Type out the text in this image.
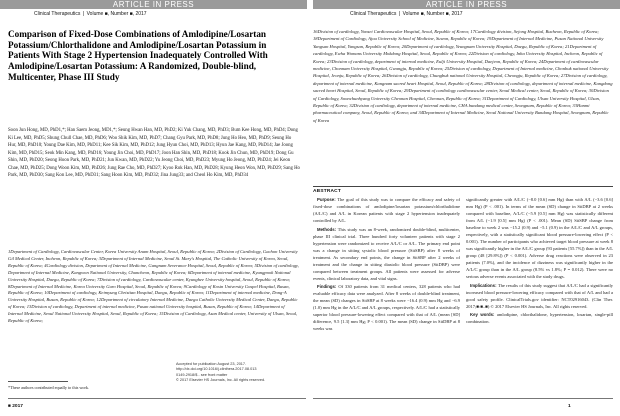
ARTICLE IN PRESS	ARTICLE IN PRESS
Clinical Therapeutics | Volume ■, Number ■, 2017	Clinical Therapeutics | Volume ■, Number ■, 2017
Comparison of Fixed-Dose Combinations of Amlodipine/Losartan Potassium/Chlorthalidone and Amlodipine/Losartan Potassium in Patients With Stage 2 Hypertension Inadequately Controlled With Amlodipine/Losartan Potassium: A Randomized, Double-blind, Multicenter, Phase III Study
Soon Jun Hong, MD, PhD1,*; Han Saem Jeong, MD1,*; Seung Hwan Han, MD, PhD2; Ki Yuk Chang, MD, PhD3; Bum Kee Hong, MD, PhD4; Dong Ki Lee, MD, PhD5; Shung Chull Chae, MD, PhD6; Woo Shik Kim, MD, PhD7; Chang Gyu Park, MD, PhD8; Jung Ho Heo, MD, PhD9; Seung Ho Hur, MD, PhD10; Young Dae Kim, MD, PhD11; Kee Sik Kim, MD, PhD12; Jung Hyun Choi, MD, PhD13; Hyun Jae Kang, MD, PhD14; Jae Joong Kim, MD, PhD15; Seok Min Kang, MD, PhD16; Young Jin Choi, MD, PhD17; Joon Han Shin, MD, PhD18; Kook Jin Chun, MD, PhD19; Dong Gu Shin, MD, PhD20; Seong Hoon Park, MD, PhD21; Jun Kwan, MD, PhD22; Yu Jeong Choi, MD, PhD23; Myung Ho Jeong, MD, PhD24; Jei Keon Chae, MD, PhD25; Dong Woon Kim, MD, PhD26; Jung Rae Cho, MD, PhD27; Kyoo Rok Han, MD, PhD28; Kyung Heon Won, MD, PhD29; Sang Ho Park, MD, PhD30; Sang Kon Lee, MD, PhD31; Sang Hoon Kim, MD, PhD32; Jina Jung33; and Cheol Ho Kim, MD, PhD34
1Department of Cardiology, Cardiovascular Center, Korea University Anam Hospital, Seoul, Republic of Korea; 2Division of Cardiology, Gachon University Gil Medical Center, Incheon, Republic of Korea; 3Department of Internal Medicine, Seoul St. Mary's Hospital, The Catholic University of Korea, Seoul, Republic of Korea; 4Cardiology division, Department of Internal Medicine, Gangnam Severance Hospital, Seoul, Republic of Korea; 5Division of cardiology, Department of Internal Medicine, Kangwon National University, Chuncheon, Republic of Korea; 6Department of internal medicine, Kyungpook National University Hospital, Daegu, Republic of Korea; 7Division of cardiology, Cardiovascular center, Kyunghee University hospital, Seoul, Republic of Korea; 8Department of Internal Medicine, Korea University Guro Hospital, Seoul, Republic of Korea; 9Cardiology of Kosin University Gospel Hospital, Busan, Republic of Korea; 10Department of cardiology, Keimyung Christian Hospital, Daegu, Republic of Korea; 11Department of internal medicine, Dong-A University Hospital, Busan, Republic of Korea; 12Department of circulatory Internal Medicine, Daegu Catholic University Medical Center, Daegu, Republic of Korea; 13Division of cardiology, Department of internal medicine, Pusan national University hospital, Busan, Republic of Korea; 14Department of Internal Medicine, Seoul National University Hospital, Seoul, Republic of Korea; 15Division of Cardiology, Asan Medical center, University of Ulsan, Seoul, Republic of Korea;
Accepted for publication August 23, 2017.
http://dx.doi.org/10.1016/j.clinthera.2017.08.013
0149-2918/$ - see front matter
© 2017 Elsevier HS Journals, Inc. All rights reserved.
*These authors contributed equally to this work.
16Division of cardiology, Yonsei Cardiovascular Hospital, Seoul, Republic of Korea; 17Cardiology division, Sejong Hospital, Bucheon, Republic of Korea; 18Department of Cardiology, Ajou University School of Medicine, Suwon, Republic of Korea; 19Department of Internal Medicine, Pusan National University Yangsan Hospital, Yangsan, Republic of Korea; 20Department of cardiology, Yeungnam University Hospital, Daegu, Republic of Korea; 21Department of cardiology, Ewha Womans University Mokdong Hospital, Seoul, Republic of Korea; 22Division of cardiology, Inha University Hospital, Incheon, Republic of Korea; 23Division of cardiology, department of internal medicine, Eulji University Hospital, Daejeon, Republic of Korea; 24Department of cardiovascular medicine, Chonnam University Hospital, Gwangju, Republic of Korea; 25Division of cardiology, Department of Internal medicine, Chonbuk national University Hospital, Jeonju, Republic of Korea; 26Division of cardiology, Chungbuk national University Hospital, Cheongju, Republic of Korea; 27Division of cardiology, department of internal medicine, Kangnam sacred heart Hospital, Seoul, Republic of Korea; 28Division of cardiology, department of internal medicine, Kangdong sacred heart Hospital, Seoul, Republic of Korea; 29Department of cardiology cardiovascular center, Seoul Medical center, Seoul, Republic of Korea; 30Division of Cardiology, Soonchunhyang University Cheonan Hospital, Cheonan, Republic of Korea; 31Department of Cardiology, Ulsan University Hospital, Ulsan, Republic of Korea; 32Division of cardiology, department of internal medicine, CHA bundang medical center, Seongnam, Republic of Korea; 33Hanmi pharmaceutical company, Seoul, Republic of Korea; and 34Department of Internal Medicine, Seoul National University Bundang Hospital, Seongnam, Republic of Korea
ABSTRACT

Purpose: The goal of this study was to compare the efficacy and safety of fixed-dose combinations of amlodipine/losartan potassium/chlorthalidone (A/L/C) and A/L in Korean patients with stage 2 hypertension inadequately controlled by A/L.

Methods: This study was an 8-week, randomized double-blind, multicenter, phase III clinical trial. Three hundred forty volunteer patients with stage 2 hypertension were randomized to receive A/L/C or A/L. The primary end point was a change in sitting systolic blood pressure (SitSBP) after 8 weeks of treatment. As secondary end points, the change in SitSBP after 2 weeks of treatment and the change in sitting diastolic blood pressure (SitDBP) were compared between treatment groups. All patients were assessed for adverse events, clinical laboratory data, and vital signs.

Findings: Of 330 patients from 31 medical centers, 328 patients who had evaluable efficacy data were analyzed. After 8 weeks of double-blind treatment, the mean (SD) changes in SitSBP at 8 weeks were −16.4 (0.9) mm Hg and −6.9 (1.0) mm Hg in the A/L/C and A/L groups, respectively. A/L/C had a statistically superior blood pressure-lowering effect compared with that of A/L (mean [SD] difference, 9.5 [1.3] mm Hg; P < 0.001). The mean (SD) change in SitDBP at 8 weeks was

significantly greater with A/L/C (−8.0 [0.6] mm Hg) than with A/L (−3.6 [0.6] mm Hg) (P < .001). In terms of the mean (SD) change in SitDBP at 2 weeks compared with baseline, A/L/C (−5.9 [0.5] mm Hg) was statistically different from A/L (−1.9 [0.5] mm Hg) (P < .001). Mean (SD) SitSBP change from baseline to week 2 was −15.2 (0.9) and −5.1 (0.9) in the A/L/C and A/L groups, respectively, with a statistically significant blood pressure-lowering effect (P < 0.001). The number of participants who achieved target blood pressure at week 8 was significantly higher in the A/L/C group (93 patients [55.7%]) than in the A/L group (48 [29.8%]) (P < 0.001). Adverse drug reactions were observed in 23 patients (7.0%), and the incidence of dizziness was significantly higher in the A/L/C group than in the A/L group (8.5% vs 1.8%; P = 0.012). There were no serious adverse events associated with the study drugs.

Implications: The results of this study suggest that A/L/C had a significantly increased blood pressure-lowering efficacy compared with that of A/L and had a good safety profile. ClinicalTrials.gov identifier: NCT02916043. (Clin Ther. 2017;■:■–■) © 2017 Elsevier HS Journals, Inc. All rights reserved.

Key words: amlodipine, chlorthalidone, hypertension, losartan, single-pill combination.

■ 2017	1
